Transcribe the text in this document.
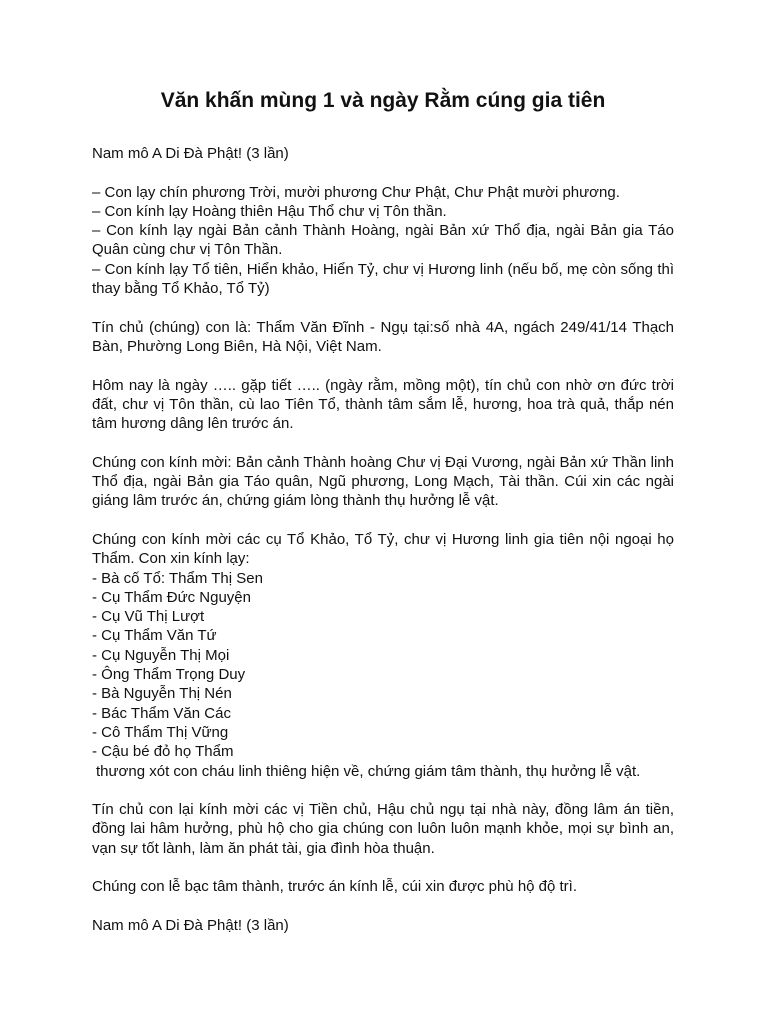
Văn khấn mùng 1 và ngày Rằm cúng gia tiên

Nam mô A Di Đà Phật! (3 lần)

– Con lạy chín phương Trời, mười phương Chư Phật, Chư Phật mười phương.
– Con kính lạy Hoàng thiên Hậu Thổ chư vị Tôn thần.
– Con kính lạy ngài Bản cảnh Thành Hoàng, ngài Bản xứ Thổ địa, ngài Bản gia Táo Quân cùng chư vị Tôn Thần.
– Con kính lạy Tổ tiên, Hiển khảo, Hiển Tỷ, chư vị Hương linh (nếu bố, mẹ còn sống thì thay bằng Tổ Khảo, Tổ Tỷ)

Tín chủ (chúng) con là: Thẩm Văn Đĩnh - Ngụ tại:số nhà 4A, ngách 249/41/14 Thạch Bàn, Phường Long Biên, Hà Nội, Việt Nam.

Hôm nay là ngày ….. gặp tiết ….. (ngày rằm, mồng một), tín chủ con nhờ ơn đức trời đất, chư vị Tôn thần, cù lao Tiên Tổ, thành tâm sắm lễ, hương, hoa trà quả, thắp nén tâm hương dâng lên trước án.

Chúng con kính mời: Bản cảnh Thành hoàng Chư vị Đại Vương, ngài Bản xứ Thần linh Thổ địa, ngài Bản gia Táo quân, Ngũ phương, Long Mạch, Tài thần. Cúi xin các ngài giáng lâm trước án, chứng giám lòng thành thụ hưởng lễ vật.

Chúng con kính mời các cụ Tổ Khảo, Tổ Tỷ, chư vị Hương linh gia tiên nội ngoại họ Thẩm. Con xin kính lạy:
- Bà cố Tổ: Thẩm Thị Sen
- Cụ Thẩm Đức Nguyện
- Cụ Vũ Thị Lượt
- Cụ Thẩm Văn Tứ
- Cụ Nguyễn Thị Mọi
- Ông Thẩm Trọng Duy
- Bà Nguyễn Thị Nén
- Bác Thẩm Văn Các
- Cô Thẩm Thị Vững
- Cậu bé đỏ họ Thẩm
thương xót con cháu linh thiêng hiện về, chứng giám tâm thành, thụ hưởng lễ vật.

Tín chủ con lại kính mời các vị Tiền chủ, Hậu chủ ngụ tại nhà này, đồng lâm án tiền, đồng lai hâm hưởng, phù hộ cho gia chúng con luôn luôn mạnh khỏe, mọi sự bình an, vạn sự tốt lành, làm ăn phát tài, gia đình hòa thuận.

Chúng con lễ bạc tâm thành, trước án kính lễ, cúi xin được phù hộ độ trì.

Nam mô A Di Đà Phật! (3 lần)
